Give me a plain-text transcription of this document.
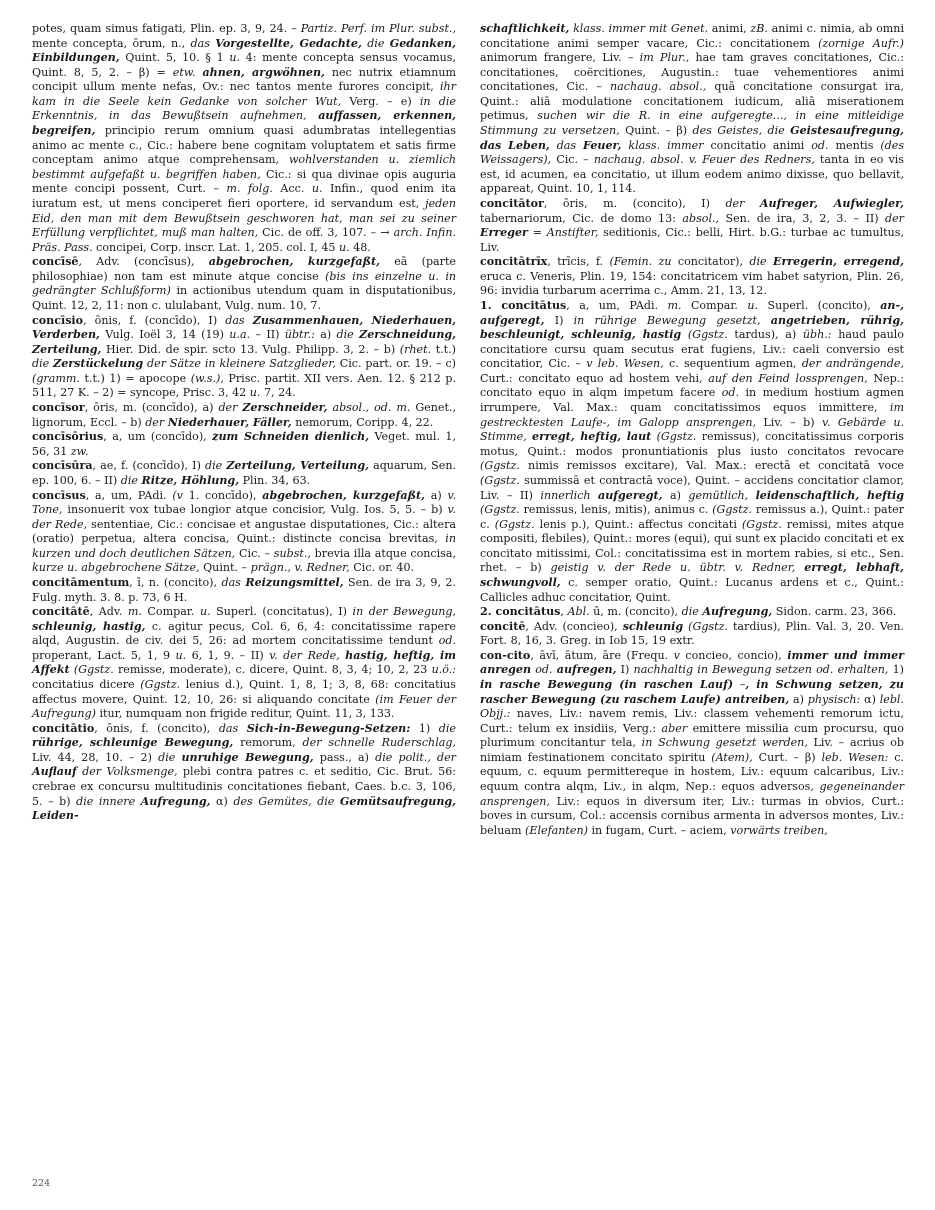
potes, quam simus fatigati, Plin. ep. 3, 9, 24. – Partiz. Perf. im Plur. subst., mente concepta, ōrum, n., das Vorgestellte, Gedachte, die Gedanken, Einbildungen, Quint. 5, 10. § 1 u. 4: mente concepta sensus vocamus, Quint. 8, 5, 2. – β) = etw. ahnen, argwöhnen, nec nutrix etiamnum concipit ullum mente nefas, Ov.: nec tantos mente furores concipit, ihr kam in die Seele kein Gedanke von solcher Wut, Verg. – e) in die Erkenntnis, in das Bewußtsein aufnehmen, auffassen, erkennen, begreifen, principio rerum omnium quasi adumbratas intellegentias animo ac mente c., Cic.: habere bene cognitam voluptatem et satis firme conceptam animo atque comprehensam, wohlverstanden u. ziemlich bestimmt aufgefaßt u. begriffen haben, Cic.: si qua divinae opis auguria mente concipi possent, Curt. – m. folg. Acc. u. Infin., quod enim ita iuratum est, ut mens conciperet fieri oportere, id servandum est, jeden Eid, den man mit dem Bewußtsein geschworen hat, man sei zu seiner Erfüllung verpflichtet, muß man halten, Cic. de off. 3, 107. – → arch. Infin. Präs. Pass. concipei, Corp. inscr. Lat. 1, 205. col. I, 45 u. 48.

concīsē, Adv. (concīsus), abgebrochen, kurzgefaßt, eā (parte philosophiae) non tam est minute atque concise (bis ins einzelne u. in gedrängter Schlußform) in actionibus utendum quam in disputationibus, Quint. 12, 2, 11: non c. ululabant, Vulg. num. 10, 7.

concīsio, ōnis, f. (concīdo), I) das Zusammenhauen, Niederhauen, Verderben, Vulg. Ioël 3, 14 (19) u.a. – II) übtr.: a) die Zerschneidung, Zerteilung, Hier. Did. de spir. scto 13. Vulg. Philipp. 3, 2. – b) (rhet. t.t.) die Zerstückelung der Sätze in kleinere Satzglieder, Cic. part. or. 19. – c) (gramm. t.t.) 1) = apocope (w.s.), Prisc. partit. XII vers. Aen. 12. § 212 p. 511, 27 K. – 2) = syncope, Prisc. 3, 42 u. 7, 24.

concīsor, ōris, m. (concīdo), a) der Zerschneider, absol., od. m. Genet., lignorum, Eccl. – b) der Niederhauer, Fäller, nemorum, Coripp. 4, 22.

concīsōrius, a, um (concīdo), zum Schneiden dienlich, Veget. mul. 1, 56, 31 zw.

concīsūra, ae, f. (concīdo), I) die Zerteilung, Verteilung, aquarum, Sen. ep. 100, 6. – II) die Ritze, Höhlung, Plin. 34, 63.

concīsus, a, um, PAdi. (v 1. concīdo), abgebrochen, kurzgefaßt, a) v. Tone, insonuerit vox tubae longior atque concisior, Vulg. Ios. 5, 5. – b) v. der Rede, sententiae, Cic.: concisae et angustae disputationes, Cic.: altera (oratio) perpetua, altera concisa, Quint.: distincte concisa brevitas, in kurzen und doch deutlichen Sätzen, Cic. – subst., brevia illa atque concisa, kurze u. abgebrochene Sätze, Quint. – prägn., v. Redner, Cic. or. 40.

concitāmentum, ī, n. (concito), das Reizungsmittel, Sen. de ira 3, 9, 2. Fulg. myth. 3. 8. p. 73, 6 H.

concitātē, Adv. m. Compar. u. Superl. (concitatus), I) in der Bewegung, schleunig, hastig, c. agitur pecus, Col. 6, 6, 4: concitatissime rapere alqd, Augustin. de civ. dei 5, 26: ad mortem concitatissime tendunt od. properant, Lact. 5, 1, 9 u. 6, 1, 9. – II) v. der Rede, hastig, heftig, im Affekt (Ggstz. remisse, moderate), c. dicere, Quint. 8, 3, 4; 10, 2, 23 u.ö.: concitatius dicere (Ggstz. lenius d.), Quint. 1, 8, 1; 3, 8, 68: concitatius affectus movere, Quint. 12, 10, 26: si aliquando concitate (im Feuer der Aufregung) itur, numquam non frigide reditur, Quint. 11, 3, 133.

concitātio, ōnis, f. (concito), das Sich-in-Bewegung-Setzen: 1) die rührige, schleunige Bewegung, remorum, der schnelle Ruderschlag, Liv. 44, 28, 10. – 2) die unruhige Bewegung, pass., a) die polit., der Auflauf der Volksmenge, plebi contra patres c. et seditio, Cic. Brut. 56: crebrae ex concursu multitudinis concitationes fiebant, Caes. b.c. 3, 106, 5. – b) die innere Aufregung, α) des Gemütes, die Gemütsaufregung, Leiden-

schaftlichkeit, klass. immer mit Genet. animi, zB. animi c. nimia, ab omni concitatione animi semper vacare, Cic.: concitationem (zornige Aufr.) animorum frangere, Liv. – im Plur., hae tam graves concitationes, Cic.: concitationes, coërcitiones, Augustin.: tuae vehementiores animi concitationes, Cic. – nachaug. absol., quā concitatione consurgat ira, Quint.: aliā modulatione concitationem iudicum, aliā miserationem petimus, suchen wir die R. in eine aufgeregte..., in eine mitleidige Stimmung zu versetzen, Quint. – β) des Geistes, die Geistesaufregung, das Leben, das Feuer, klass. immer concitatio animi od. mentis (des Weissagers), Cic. – nachaug. absol. v. Feuer des Redners, tanta in eo vis est, id acumen, ea concitatio, ut illum eodem animo dixisse, quo bellavit, appareat, Quint. 10, 1, 114.

concitātor, ōris, m. (concito), I) der Aufreger, Aufwiegler, tabernariorum, Cic. de domo 13: absol., Sen. de ira, 3, 2, 3. – II) der Erreger = Anstifter, seditionis, Cic.: belli, Hirt. b.G.: turbae ac tumultus, Liv.

concitātrīx, trīcis, f. (Femin. zu concitator), die Erregerin, erregend, eruca c. Veneris, Plin. 19, 154: concitatricem vim habet satyrion, Plin. 26, 96: invidia turbarum acerrima c., Amm. 21, 13, 12.

1. concitātus, a, um, PAdi. m. Compar. u. Superl. (concito), an-, aufgeregt, I) in rührige Bewegung gesetzt, angetrieben, rührig, beschleunigt, schleunig, hastig (Ggstz. tardus), a) übh.: haud paulo concitatiore cursu quam secutus erat fugiens, Liv.: caeli conversio est concitatior, Cic. – v leb. Wesen, c. sequentium agmen, der andrängende, Curt.: concitato equo ad hostem vehi, auf den Feind lossprengen, Nep.: concitato equo in alqm impetum facere od. in medium hostium agmen irrumpere, Val. Max.: quam concitatissimos equos immittere, im gestrecktesten Laufe-, im Galopp ansprengen, Liv. – b) v. Gebärde u. Stimme, erregt, heftig, laut (Ggstz. remissus), concitatissimus corporis motus, Quint.: modos pronuntiationis plus iusto concitatos revocare (Ggstz. nimis remissos excitare), Val. Max.: erectā et concitatā voce (Ggstz. summissā et contractā voce), Quint. – accidens concitatior clamor, Liv. – II) innerlich aufgeregt, a) gemütlich, leidenschaftlich, heftig (Ggstz. remissus, lenis, mitis), animus c. (Ggstz. remissus a.), Quint.: pater c. (Ggstz. lenis p.), Quint.: affectus concitati (Ggstz. remissi, mites atque compositi, flebiles), Quint.: mores (equi), qui sunt ex placido concitati et ex concitato mitissimi, Col.: concitatissima est in mortem rabies, si etc., Sen. rhet. – b) geistig v. der Rede u. übtr. v. Redner, erregt, lebhaft, schwungvoll, c. semper oratio, Quint.: Lucanus ardens et c., Quint.: Callicles adhuc concitatior, Quint.

2. concitātus, Abl. ū, m. (concito), die Aufregung, Sidon. carm. 23, 366.

concitē, Adv. (concieo), schleunig (Ggstz. tardius), Plin. Val. 3, 20. Ven. Fort. 8, 16, 3. Greg. in Iob 15, 19 extr.

con-cito, āvī, ātum, āre (Frequ. v concieo, concio), immer und immer anregen od. aufregen, I) nachhaltig in Bewegung setzen od. erhalten, 1) in rasche Bewegung (in raschen Lauf) –, in Schwung setzen, zu rascher Bewegung (zu raschem Laufe) antreiben, a) physisch: α) lebl. Objj.: naves, Liv.: navem remis, Liv.: classem vehementi remorum ictu, Curt.: telum ex insidiis, Verg.: aber emittere missilia cum procursu, quo plurimum concitantur tela, in Schwung gesetzt werden, Liv. – acrius ob nimiam festinationem concitato spiritu (Atem), Curt. – β) leb. Wesen: c. equum, c. equum permittereque in hostem, Liv.: equum calcaribus, Liv.: equum contra alqm, Liv., in alqm, Nep.: equos adversos, gegeneinander ansprengen, Liv.: equos in diversum iter, Liv.: turmas in obvios, Curt.: boves in cursum, Col.: accensis cornibus armenta in adversos montes, Liv.: beluam (Elefanten) in fugam, Curt. – aciem, vorwärts treiben,

224
